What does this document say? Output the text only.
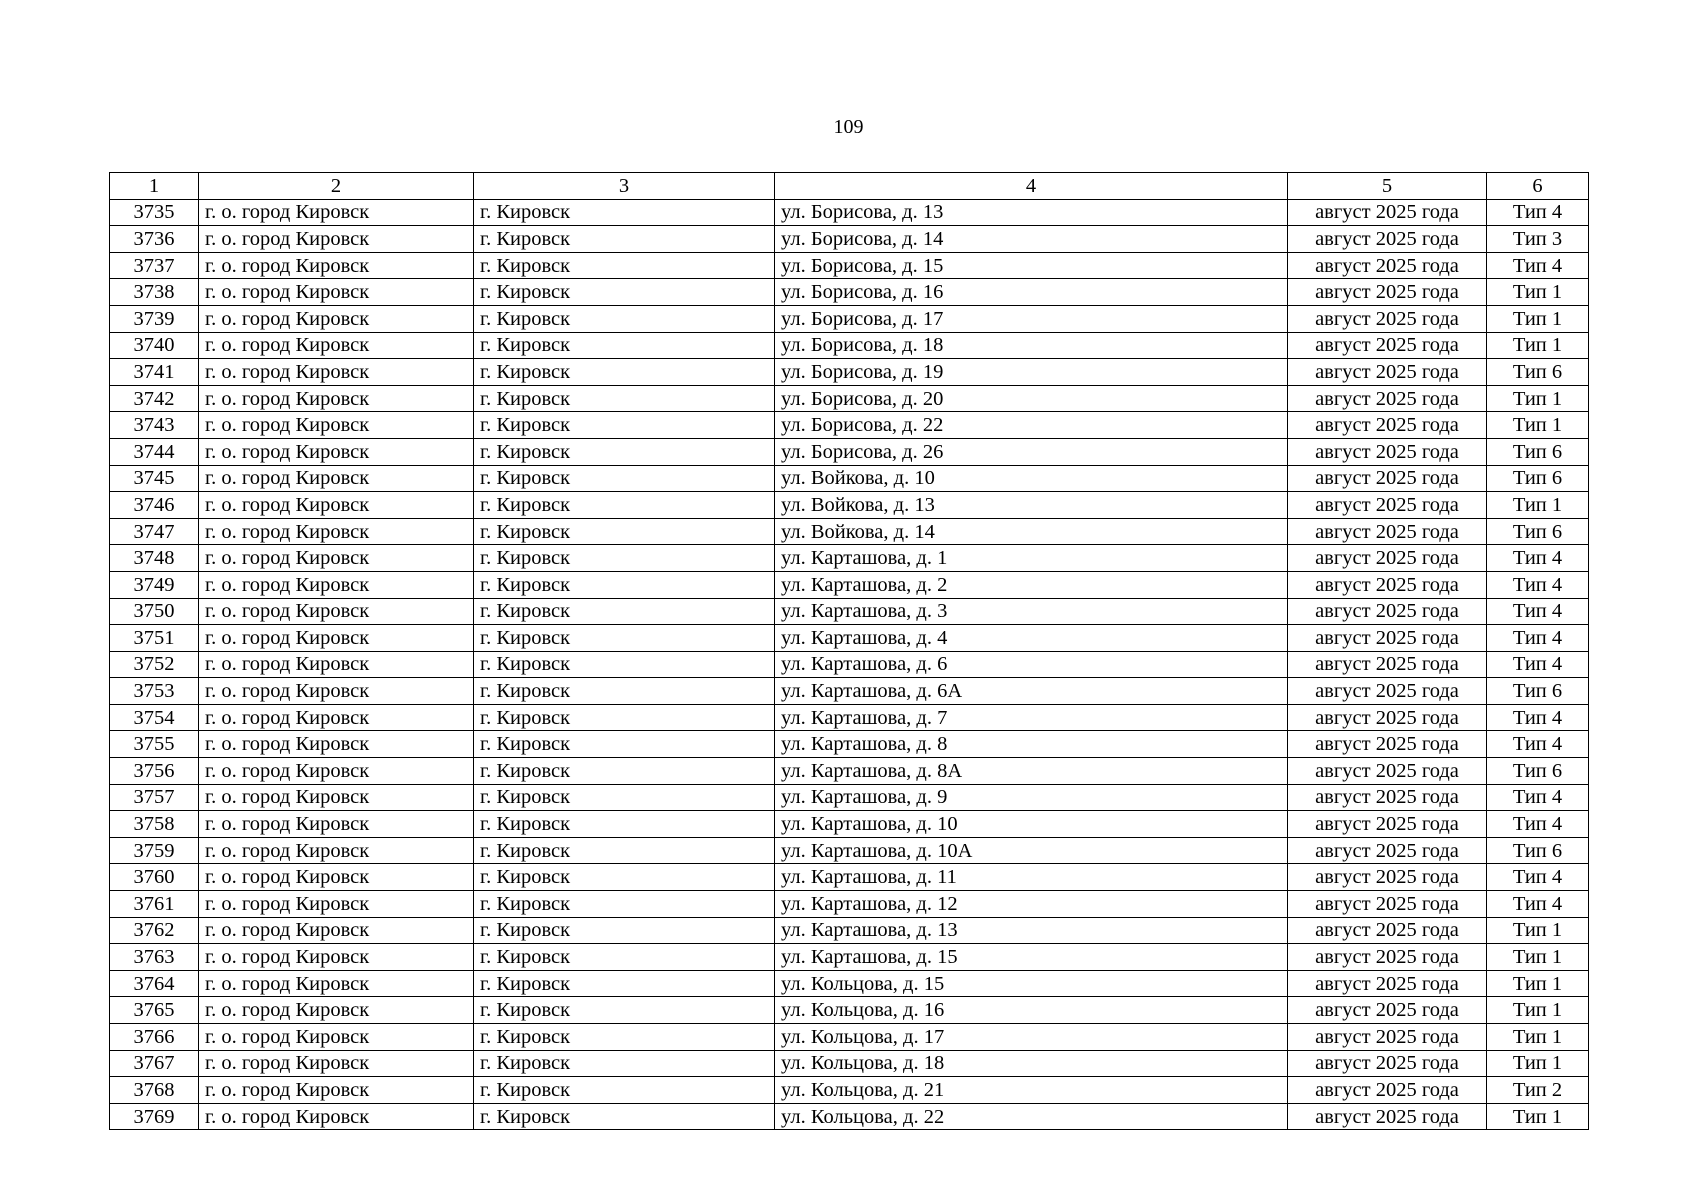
109
1	2	3	4	5	6
3735	г. о. город Кировск	г. Кировск	ул. Борисова, д. 13	август 2025 года	Тип 4
3736	г. о. город Кировск	г. Кировск	ул. Борисова, д. 14	август 2025 года	Тип 3
3737	г. о. город Кировск	г. Кировск	ул. Борисова, д. 15	август 2025 года	Тип 4
3738	г. о. город Кировск	г. Кировск	ул. Борисова, д. 16	август 2025 года	Тип 1
3739	г. о. город Кировск	г. Кировск	ул. Борисова, д. 17	август 2025 года	Тип 1
3740	г. о. город Кировск	г. Кировск	ул. Борисова, д. 18	август 2025 года	Тип 1
3741	г. о. город Кировск	г. Кировск	ул. Борисова, д. 19	август 2025 года	Тип 6
3742	г. о. город Кировск	г. Кировск	ул. Борисова, д. 20	август 2025 года	Тип 1
3743	г. о. город Кировск	г. Кировск	ул. Борисова, д. 22	август 2025 года	Тип 1
3744	г. о. город Кировск	г. Кировск	ул. Борисова, д. 26	август 2025 года	Тип 6
3745	г. о. город Кировск	г. Кировск	ул. Войкова, д. 10	август 2025 года	Тип 6
3746	г. о. город Кировск	г. Кировск	ул. Войкова, д. 13	август 2025 года	Тип 1
3747	г. о. город Кировск	г. Кировск	ул. Войкова, д. 14	август 2025 года	Тип 6
3748	г. о. город Кировск	г. Кировск	ул. Карташова, д. 1	август 2025 года	Тип 4
3749	г. о. город Кировск	г. Кировск	ул. Карташова, д. 2	август 2025 года	Тип 4
3750	г. о. город Кировск	г. Кировск	ул. Карташова, д. 3	август 2025 года	Тип 4
3751	г. о. город Кировск	г. Кировск	ул. Карташова, д. 4	август 2025 года	Тип 4
3752	г. о. город Кировск	г. Кировск	ул. Карташова, д. 6	август 2025 года	Тип 4
3753	г. о. город Кировск	г. Кировск	ул. Карташова, д. 6А	август 2025 года	Тип 6
3754	г. о. город Кировск	г. Кировск	ул. Карташова, д. 7	август 2025 года	Тип 4
3755	г. о. город Кировск	г. Кировск	ул. Карташова, д. 8	август 2025 года	Тип 4
3756	г. о. город Кировск	г. Кировск	ул. Карташова, д. 8А	август 2025 года	Тип 6
3757	г. о. город Кировск	г. Кировск	ул. Карташова, д. 9	август 2025 года	Тип 4
3758	г. о. город Кировск	г. Кировск	ул. Карташова, д. 10	август 2025 года	Тип 4
3759	г. о. город Кировск	г. Кировск	ул. Карташова, д. 10А	август 2025 года	Тип 6
3760	г. о. город Кировск	г. Кировск	ул. Карташова, д. 11	август 2025 года	Тип 4
3761	г. о. город Кировск	г. Кировск	ул. Карташова, д. 12	август 2025 года	Тип 4
3762	г. о. город Кировск	г. Кировск	ул. Карташова, д. 13	август 2025 года	Тип 1
3763	г. о. город Кировск	г. Кировск	ул. Карташова, д. 15	август 2025 года	Тип 1
3764	г. о. город Кировск	г. Кировск	ул. Кольцова, д. 15	август 2025 года	Тип 1
3765	г. о. город Кировск	г. Кировск	ул. Кольцова, д. 16	август 2025 года	Тип 1
3766	г. о. город Кировск	г. Кировск	ул. Кольцова, д. 17	август 2025 года	Тип 1
3767	г. о. город Кировск	г. Кировск	ул. Кольцова, д. 18	август 2025 года	Тип 1
3768	г. о. город Кировск	г. Кировск	ул. Кольцова, д. 21	август 2025 года	Тип 2
3769	г. о. город Кировск	г. Кировск	ул. Кольцова, д. 22	август 2025 года	Тип 1
